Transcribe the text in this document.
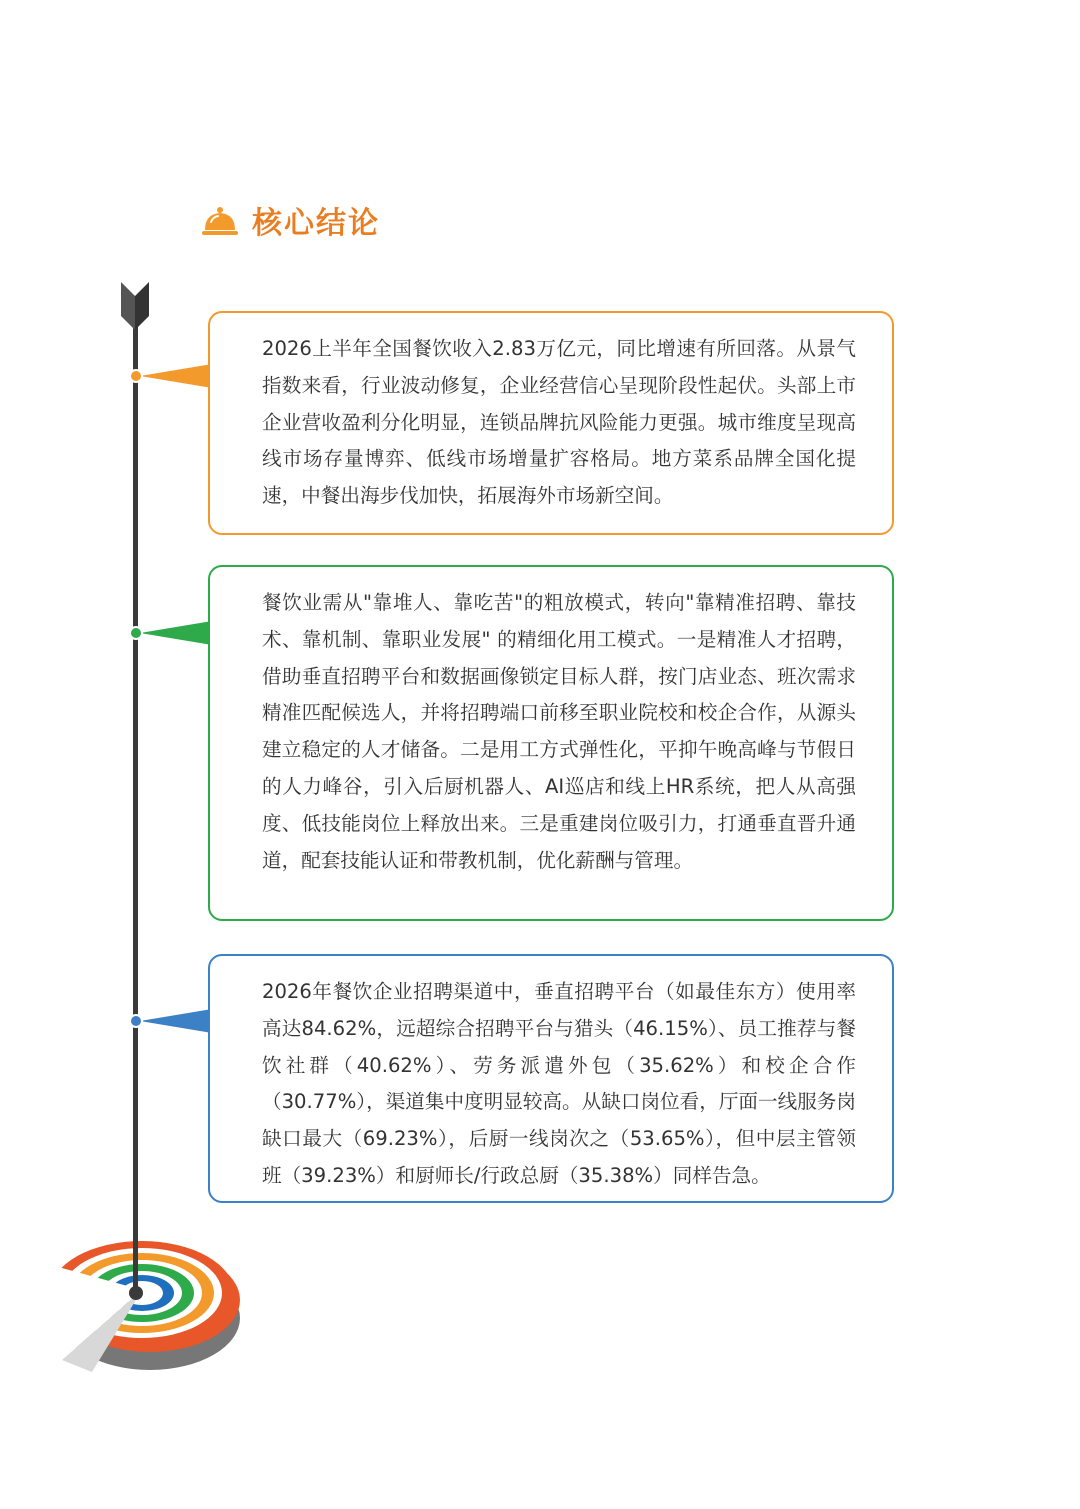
核心结论

2026上半年全国餐饮收入2.83万亿元，同比增速有所回落。从景气指数来看，行业波动修复，企业经营信心呈现阶段性起伏。头部上市企业营收盈利分化明显，连锁品牌抗风险能力更强。城市维度呈现高线市场存量博弈、低线市场增量扩容格局。地方菜系品牌全国化提速，中餐出海步伐加快，拓展海外市场新空间。

餐饮业需从"靠堆人、靠吃苦"的粗放模式，转向"靠精准招聘、靠技术、靠机制、靠职业发展" 的精细化用工模式。一是精准人才招聘，借助垂直招聘平台和数据画像锁定目标人群，按门店业态、班次需求精准匹配候选人，并将招聘端口前移至职业院校和校企合作，从源头建立稳定的人才储备。二是用工方式弹性化，平抑午晚高峰与节假日的人力峰谷，引入后厨机器人、AI巡店和线上HR系统，把人从高强度、低技能岗位上释放出来。三是重建岗位吸引力，打通垂直晋升通道，配套技能认证和带教机制，优化薪酬与管理。

2026年餐饮企业招聘渠道中，垂直招聘平台（如最佳东方）使用率高达84.62%，远超综合招聘平台与猎头（46.15%）、员工推荐与餐饮社群（40.62%）、劳务派遣外包（35.62%）和校企合作（30.77%），渠道集中度明显较高。从缺口岗位看，厅面一线服务岗缺口最大（69.23%），后厨一线岗次之（53.65%），但中层主管领班（39.23%）和厨师长/行政总厨（35.38%）同样告急。
